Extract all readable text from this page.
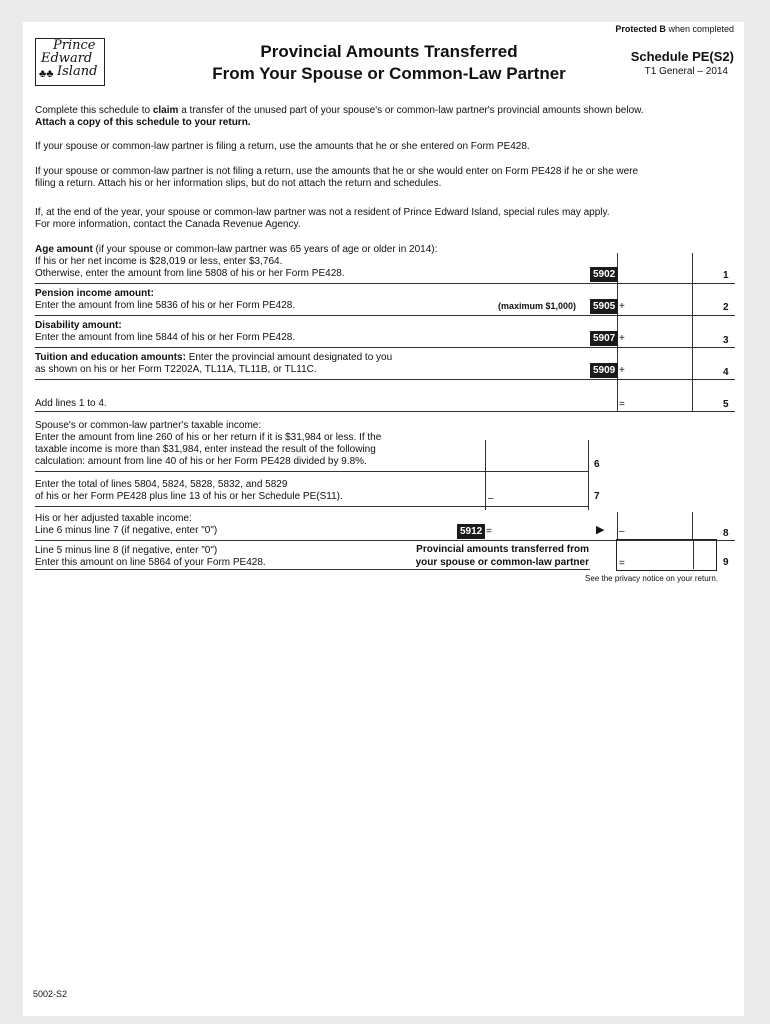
Protected B when completed
Prince
Edward
♣♣ Island
Provincial Amounts Transferred
From Your Spouse or Common-Law Partner
Schedule PE(S2)
T1 General – 2014
Complete this schedule to claim a transfer of the unused part of your spouse's or common-law partner's provincial amounts shown below.
Attach a copy of this schedule to your return.
If your spouse or common-law partner is filing a return, use the amounts that he or she entered on Form PE428.
If your spouse or common-law partner is not filing a return, use the amounts that he or she would enter on Form PE428 if he or she were
filing a return. Attach his or her information slips, but do not attach the return and schedules.
If, at the end of the year, your spouse or common-law partner was not a resident of Prince Edward Island, special rules may apply.
For more information, contact the Canada Revenue Agency.
Age amount (if your spouse or common-law partner was 65 years of age or older in 2014):
If his or her net income is $28,019 or less, enter $3,764.
Otherwise, enter the amount from line 5808 of his or her Form PE428.	5902	1
Pension income amount:
Enter the amount from line 5836 of his or her Form PE428.	(maximum $1,000)	5905 +	2
Disability amount:
Enter the amount from line 5844 of his or her Form PE428.	5907 +	3
Tuition and education amounts: Enter the provincial amount designated to you
as shown on his or her Form T2202A, TL11A, TL11B, or TL11C.	5909 +	4
Add lines 1 to 4.	=	5
Spouse's or common-law partner's taxable income:
Enter the amount from line 260 of his or her return if it is $31,984 or less. If the
taxable income is more than $31,984, enter instead the result of the following
calculation: amount from line 40 of his or her Form PE428 divided by 9.8%.	6
Enter the total of lines 5804, 5824, 5828, 5832, and 5829
of his or her Form PE428 plus line 13 of his or her Schedule PE(S11).	–	7
His or her adjusted taxable income:
Line 6 minus line 7 (if negative, enter "0")	5912 =	▶ –	8
Line 5 minus line 8 (if negative, enter "0")
Enter this amount on line 5864 of your Form PE428.
Provincial amounts transferred from
your spouse or common-law partner	=	9
See the privacy notice on your return.
5002-S2
